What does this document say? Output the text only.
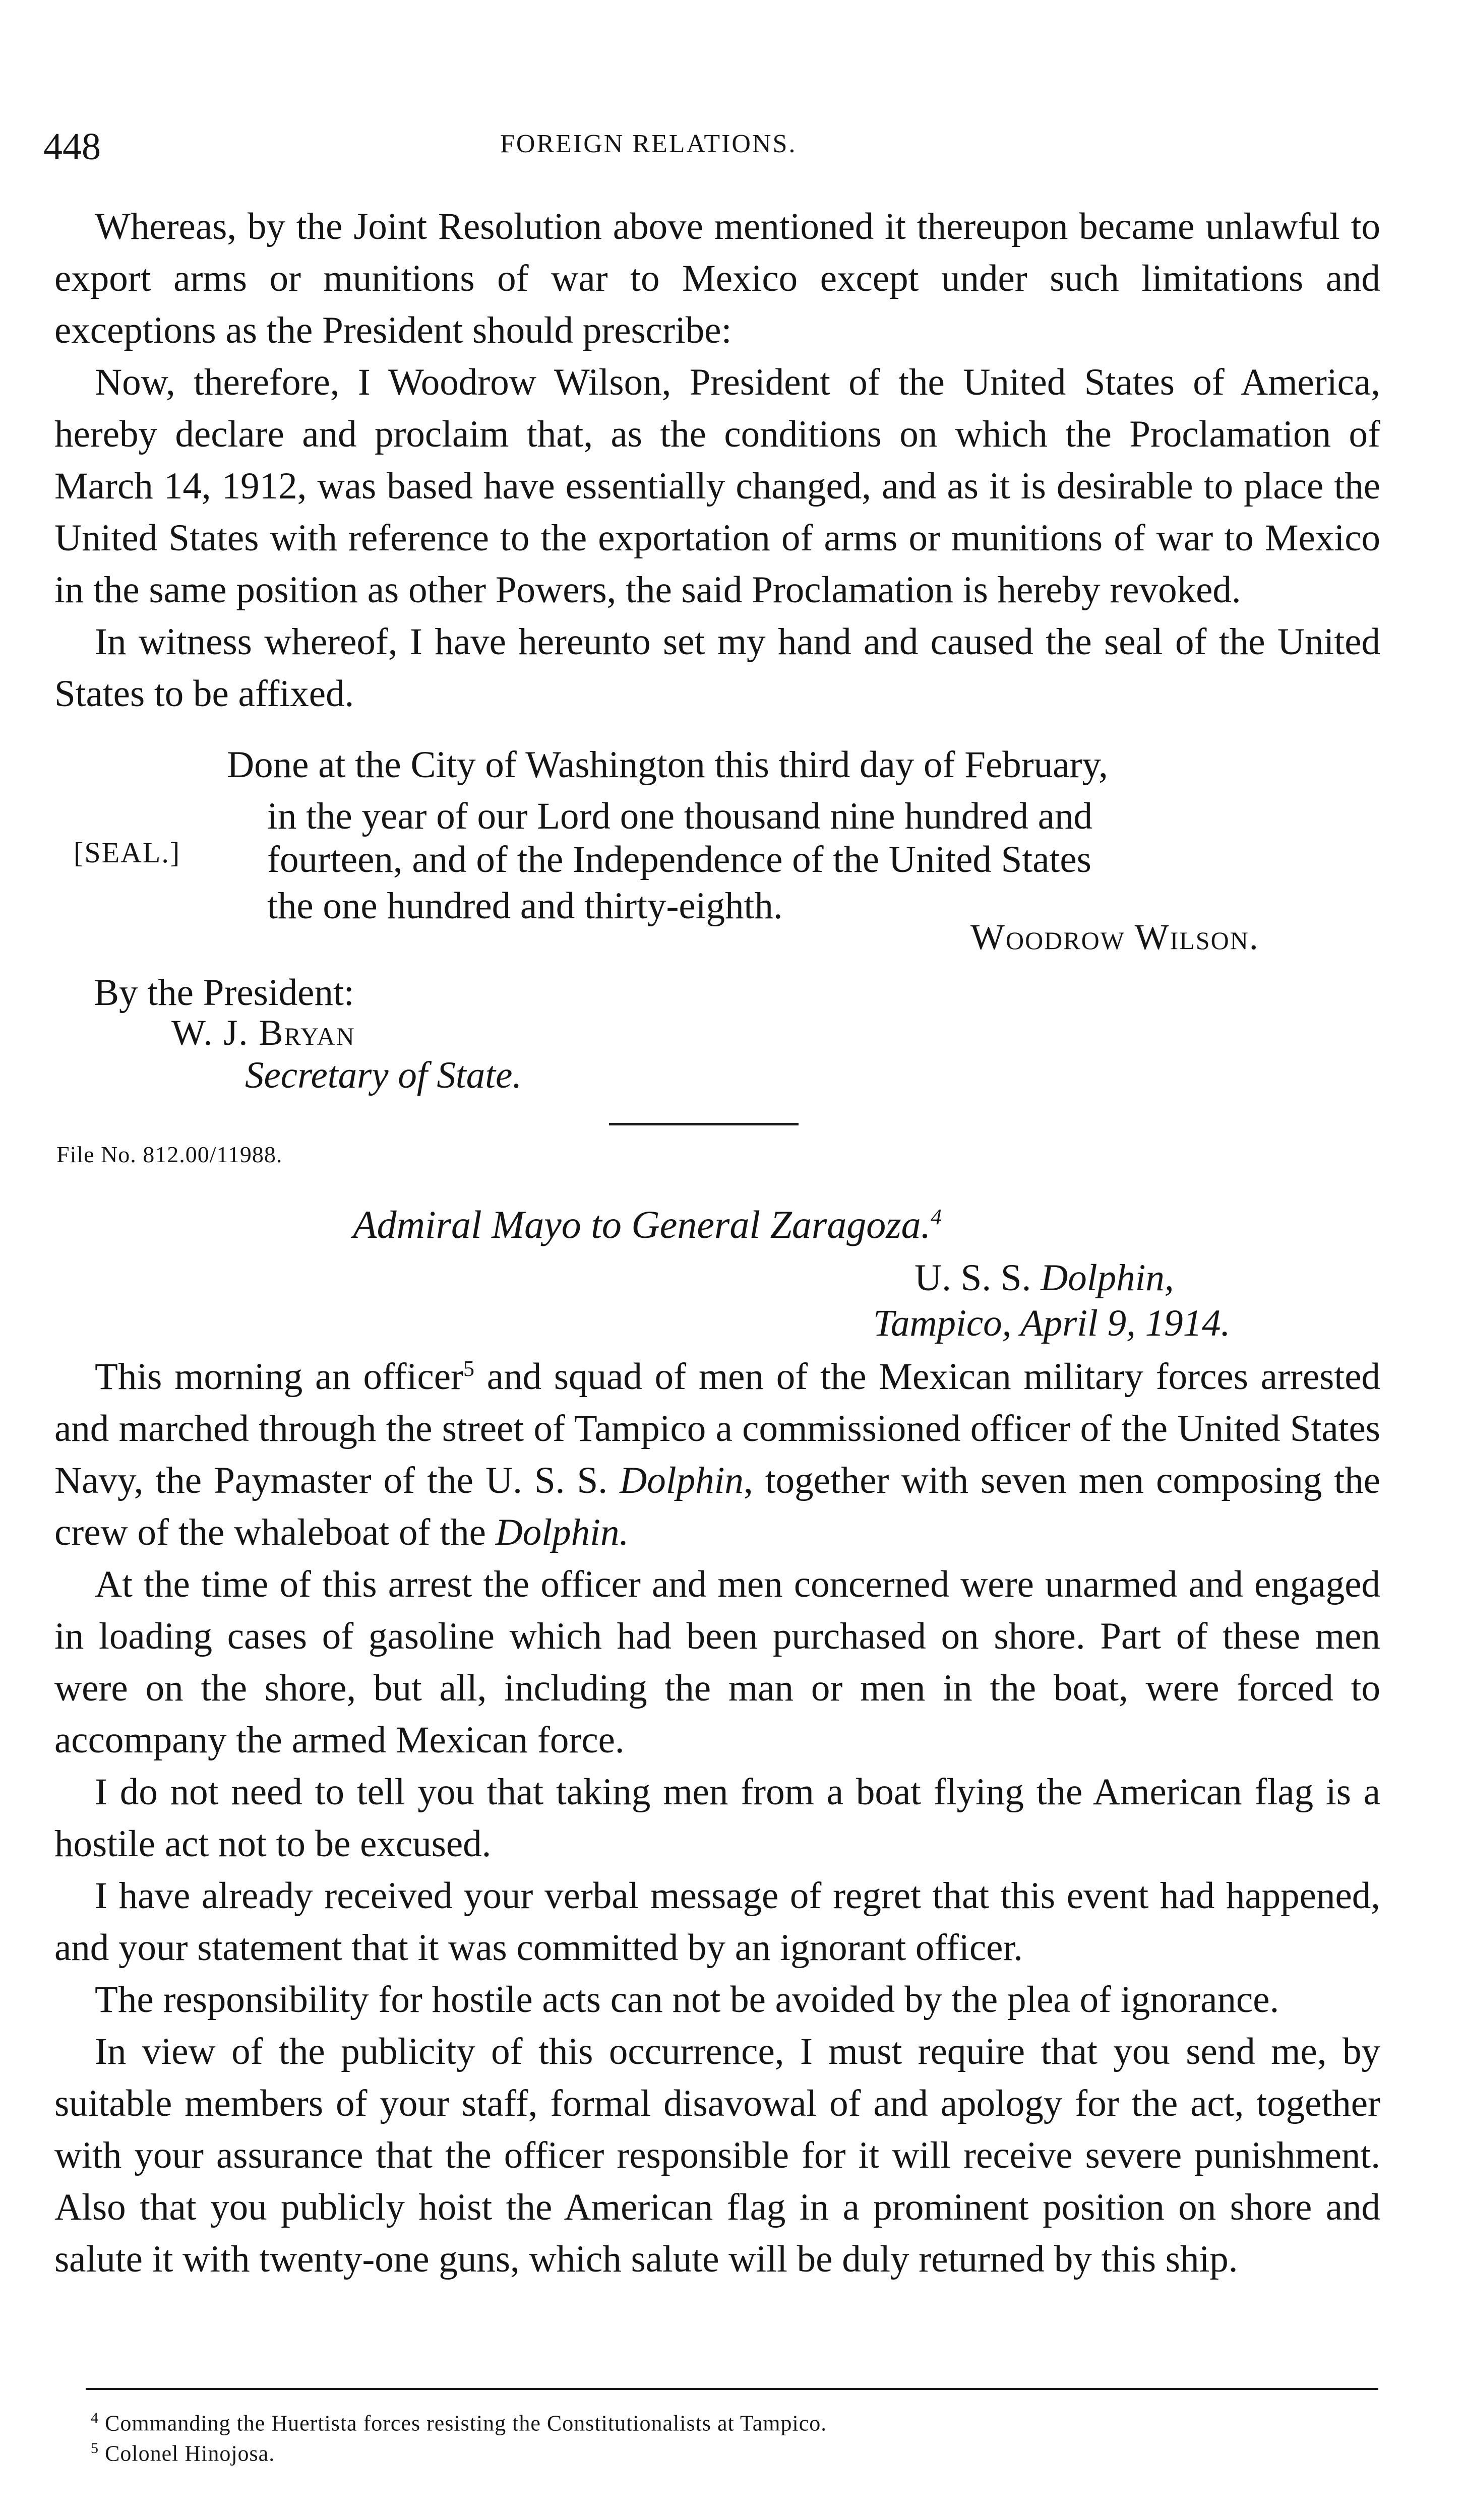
448	FOREIGN RELATIONS.

Whereas, by the Joint Resolution above mentioned it thereupon became unlawful to export arms or munitions of war to Mexico except under such limitations and exceptions as the President should prescribe:

Now, therefore, I Woodrow Wilson, President of the United States of America, hereby declare and proclaim that, as the conditions on which the Proclamation of March 14, 1912, was based have essentially changed, and as it is desirable to place the United States with reference to the exportation of arms or munitions of war to Mexico in the same position as other Powers, the said Proclamation is hereby revoked.

In witness whereof, I have hereunto set my hand and caused the seal of the United States to be affixed.

Done at the City of Washington this third day of February,
in the year of our Lord one thousand nine hundred and
fourteen, and of the Independence of the United States
the one hundred and thirty-eighth.
[SEAL.]
Woodrow Wilson.
By the President:
W. J. Bryan
Secretary of State.
File No. 812.00/11988.
Admiral Mayo to General Zaragoza.$^4$
U. S. S. Dolphin,
Tampico, April 9, 1914.

This morning an officer$^5$ and squad of men of the Mexican military forces arrested and marched through the street of Tampico a commissioned officer of the United States Navy, the Paymaster of the U. S. S. Dolphin, together with seven men composing the crew of the whaleboat of the Dolphin.

At the time of this arrest the officer and men concerned were unarmed and engaged in loading cases of gasoline which had been purchased on shore. Part of these men were on the shore, but all, including the man or men in the boat, were forced to accompany the armed Mexican force.

I do not need to tell you that taking men from a boat flying the American flag is a hostile act not to be excused.

I have already received your verbal message of regret that this event had happened, and your statement that it was committed by an ignorant officer.

The responsibility for hostile acts can not be avoided by the plea of ignorance.

In view of the publicity of this occurrence, I must require that you send me, by suitable members of your staff, formal disavowal of and apology for the act, together with your assurance that the officer responsible for it will receive severe punishment. Also that you publicly hoist the American flag in a prominent position on shore and salute it with twenty-one guns, which salute will be duly returned by this ship.

$^4$ Commanding the Huertista forces resisting the Constitutionalists at Tampico.
$^5$ Colonel Hinojosa.
